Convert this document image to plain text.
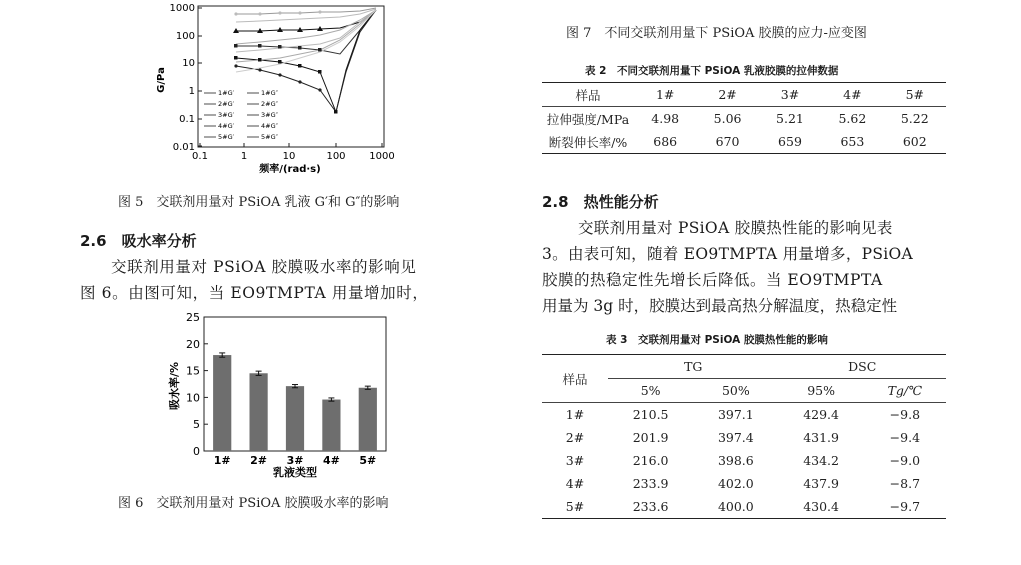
1000
100
10
1
0.1
0.01
0.1	1	10	100 1000
G/Pa
频率/(rad·s)
1#G′
2#G′
3#G′
4#G′
5#G′
1#G″
2#G″
3#G″
4#G″
5#G″
图 5　交联剂用量对 PSiOA 乳液 G′和 G″的影响
2.6　吸水率分析
交联剂用量对 PSiOA 胶膜吸水率的影响见
图 6。由图可知，当 EO9TMPTA 用量增加时，
0
5
10
15
20
25
1# 2# 3# 4# 5#
吸水率/%
乳液类型
图 6　交联剂用量对 PSiOA 胶膜吸水率的影响
图 7　不同交联剂用量下 PSiOA 胶膜的应力-应变图
表 2　不同交联剂用量下 PSiOA 乳液胶膜的拉伸数据
样品	1#	2#	3#	4#	5#
拉伸强度/MPa	4.98	5.06	5.21	5.62	5.22
断裂伸长率/%	686	670	659	653	602
2.8　热性能分析
交联剂用量对 PSiOA 胶膜热性能的影响见表
3。由表可知，随着 EO9TMPTA 用量增多，PSiOA
胶膜的热稳定性先增长后降低。当 EO9TMPTA
用量为 3g 时，胶膜达到最高热分解温度，热稳定性
表 3　交联剂用量对 PSiOA 胶膜热性能的影响
样品	TG		DSC	
	5%	50%	95%	Tg/℃
1#	210.5	397.1	429.4	−9.8
2#	201.9	397.4	431.9	−9.4
3#	216.0	398.6	434.2	−9.0
4#	233.9	402.0	437.9	−8.7
5#	233.6	400.0	430.4	−9.7
